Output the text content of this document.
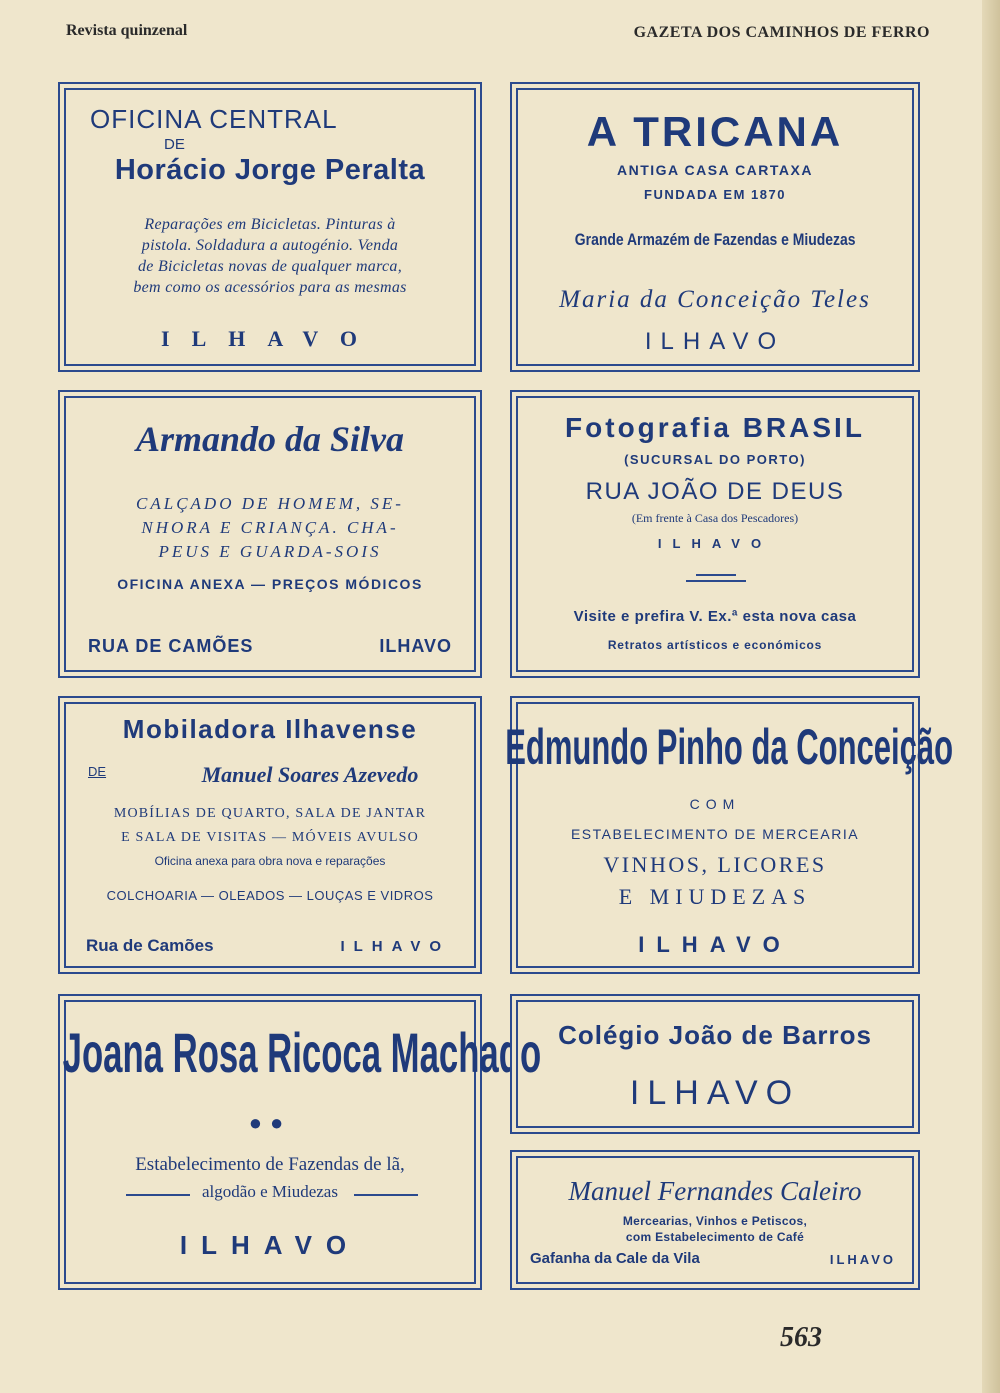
Revista quinzenal	GAZETA DOS CAMINHOS DE FERRO
OFICINA CENTRAL
DE
Horácio Jorge Peralta
Reparações em Bicicletas. Pinturas à
pistola. Soldadura a autogénio. Venda
de Bicicletas novas de qualquer marca,
bem como os acessórios para as mesmas
ILHAVO
A TRICANA
ANTIGA CASA CARTAXA
FUNDADA EM 1870
Grande Armazém de Fazendas e Miudezas
Maria da Conceição Teles
ILHAVO
Armando da Silva
CALÇADO DE HOMEM, SE-
NHORA E CRIANÇA. CHA-
PEUS E GUARDA-SOIS
OFICINA ANEXA — PREÇOS MÓDICOS
RUA DE CAMÕES	ILHAVO
Fotografia BRASIL
(SUCURSAL DO PORTO)
RUA JOÃO DE DEUS
(Em frente à Casa dos Pescadores)
ILHAVO
Visite e prefira V. Ex.ª esta nova casa
Retratos artísticos e económicos
Mobiladora Ilhavense
DE	Manuel Soares Azevedo
MOBÍLIAS DE QUARTO, SALA DE JANTAR
E SALA DE VISITAS — MÓVEIS AVULSO
Oficina anexa para obra nova e reparações
COLCHOARIA — OLEADOS — LOUÇAS E VIDROS
Rua de Camões	ILHAVO
Edmundo Pinho da Conceição
COM
ESTABELECIMENTO DE MERCEARIA
VINHOS, LICORES
E MIUDEZAS
ILHAVO
Joana Rosa Ricoca Machado
●●
Estabelecimento de Fazendas de lã,
algodão e Miudezas
ILHAVO
Colégio João de Barros
ILHAVO
Manuel Fernandes Caleiro
Mercearias, Vinhos e Petiscos,
com Estabelecimento de Café
Gafanha da Cale da Vila	ILHAVO
563
